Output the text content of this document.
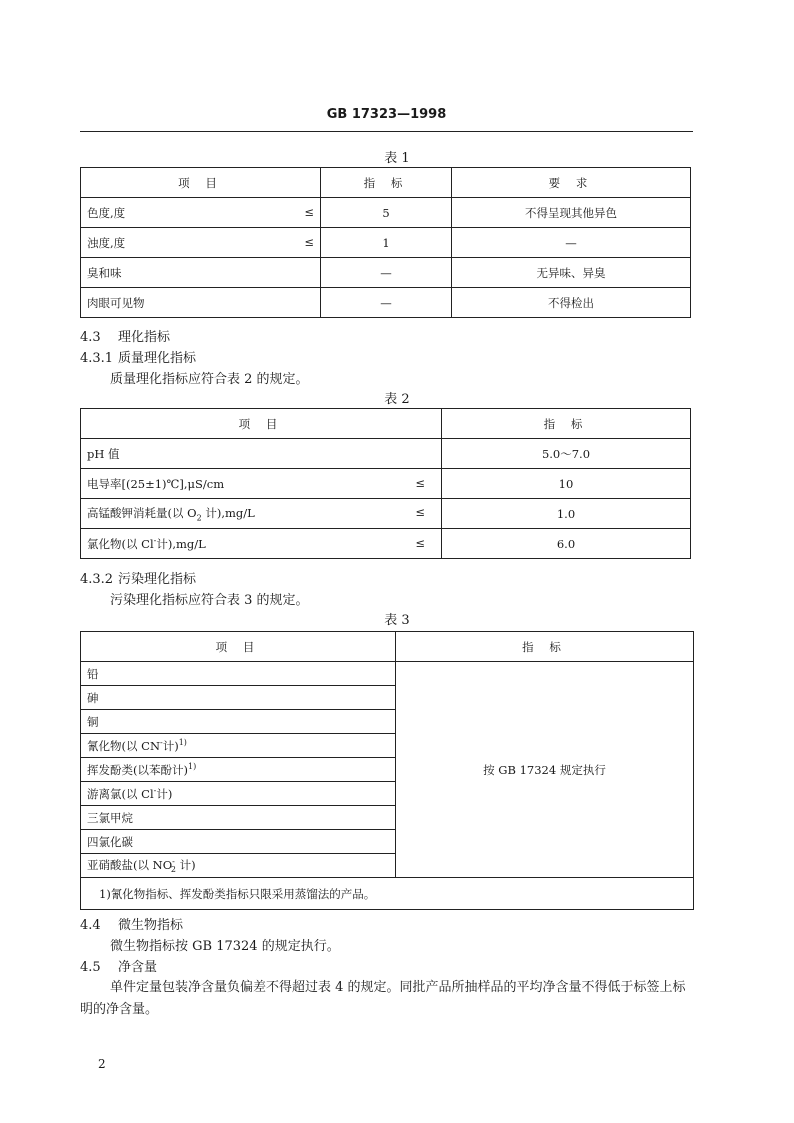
GB 17323—1998
表 1
项 目	指 标	要 求
色度,度 ≤	5	不得呈现其他异色
浊度,度 ≤	1	—
臭和味	—	无异味、异臭
肉眼可见物	—	不得检出
4.3 理化指标
4.3.1 质量理化指标
质量理化指标应符合表 2 的规定。
表 2
项 目	指 标
pH 值	5.0～7.0
电导率[(25±1)℃],μS/cm ≤	10
高锰酸钾消耗量(以 $O_2$ 计),mg/L ≤	1.0
氯化物(以 Cl-计),mg/L ≤	6.0
4.3.2 污染理化指标
污染理化指标应符合表 3 的规定。
表 3
项 目	指 标
铅	按 GB 17324 规定执行
砷	
铜	
氰化物(以 CN-计)$^{1)}$
挥发酚类(以苯酚计)$^{1)}$
游离氯(以 Cl-计)	
三氯甲烷	
四氯化碳	
亚硝酸盐(以 $NO^-_2$ 计)	
1)氰化物指标、挥发酚类指标只限采用蒸馏法的产品。	
4.4 微生物指标
微生物指标按 GB 17324 的规定执行。
4.5 净含量
单件定量包装净含量负偏差不得超过表 4 的规定。同批产品所抽样品的平均净含量不得低于标签上标明的净含量。
2
